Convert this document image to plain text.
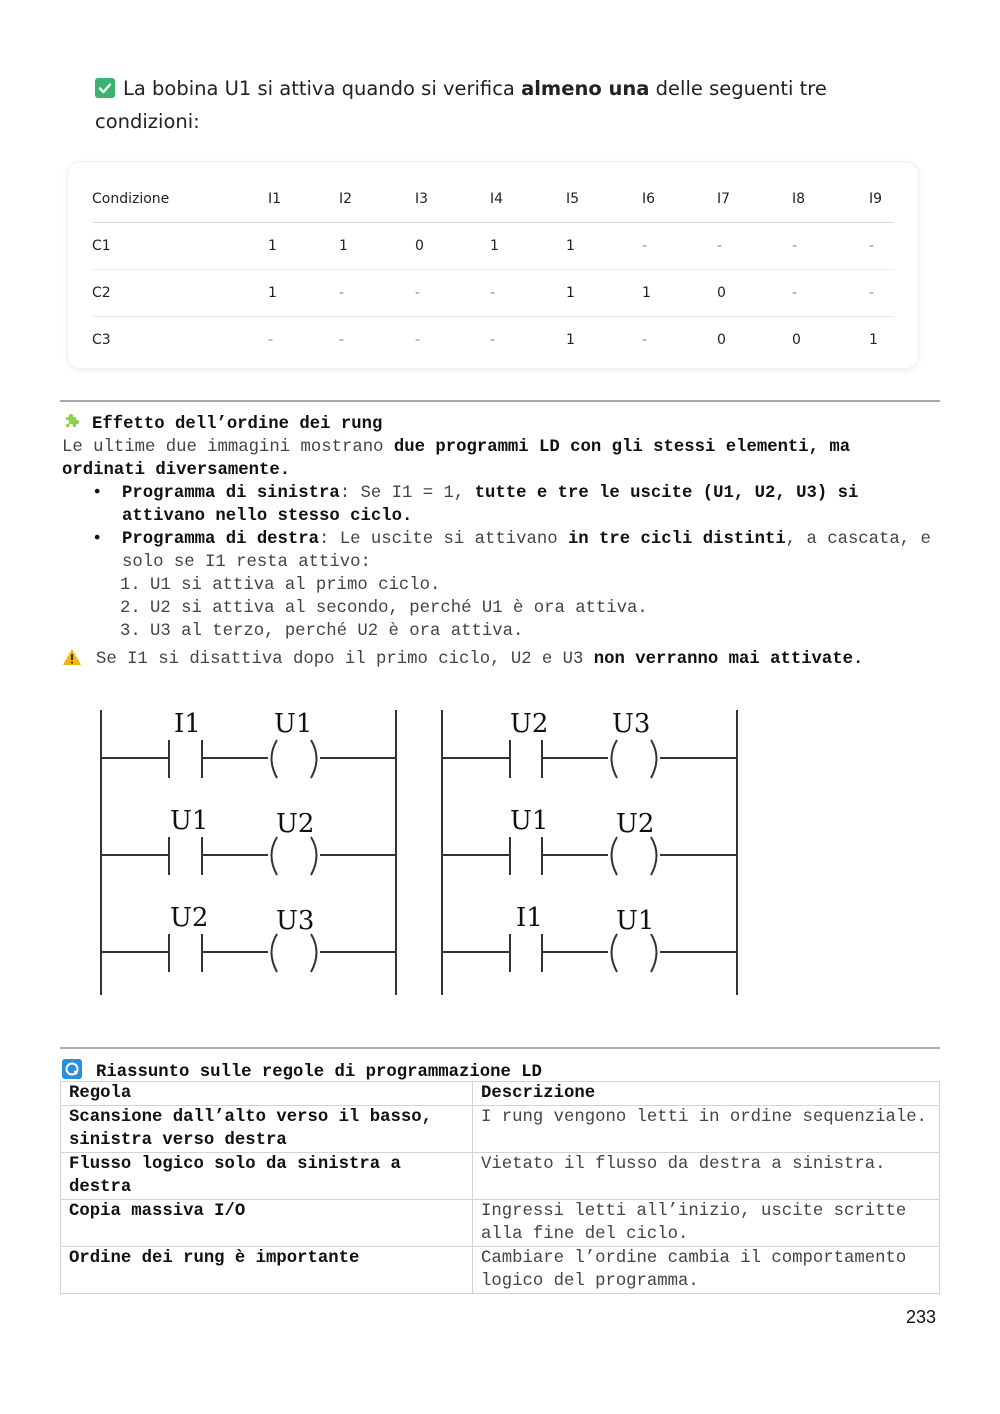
La bobina U1 si attiva quando si verifica almeno una delle seguenti tre condizioni:
Condizione	I1	I2	I3	I4	I5	I6	I7	I8	I9
C1	1	1	0	1	1	-	-	-	-
C2	1	-	-	-	1	1	0	-	-
C3	-	-	-	-	1	-	0	0	1
Effetto dell’ordine dei rung
Le ultime due immagini mostrano due programmi LD con gli stessi elementi, ma ordinati diversamente.
• Programma di sinistra: Se I1 = 1, tutte e tre le uscite (U1, U2, U3) si attivano nello stesso ciclo.
• Programma di destra: Le uscite si attivano in tre cicli distinti, a cascata, e solo se I1 resta attivo:
1. U1 si attiva al primo ciclo.
2. U2 si attiva al secondo, perché U1 è ora attiva.
3. U3 al terzo, perché U2 è ora attiva.
Se I1 si disattiva dopo il primo ciclo, U2 e U3 non verranno mai attivate.
I1	U1
U1	U2
U2	U3
U2 U3
U1	U2
I1	U1
Riassunto sulle regole di programmazione LD
Regola	Descrizione
Scansione dall’alto verso il basso, sinistra verso destra	I rung vengono letti in ordine sequenziale.
Flusso logico solo da sinistra a destra	Vietato il flusso da destra a sinistra.
Copia massiva I/O	Ingressi letti all’inizio, uscite scritte alla fine del ciclo.
Ordine dei rung è importante	Cambiare l’ordine cambia il comportamento logico del programma.
233
